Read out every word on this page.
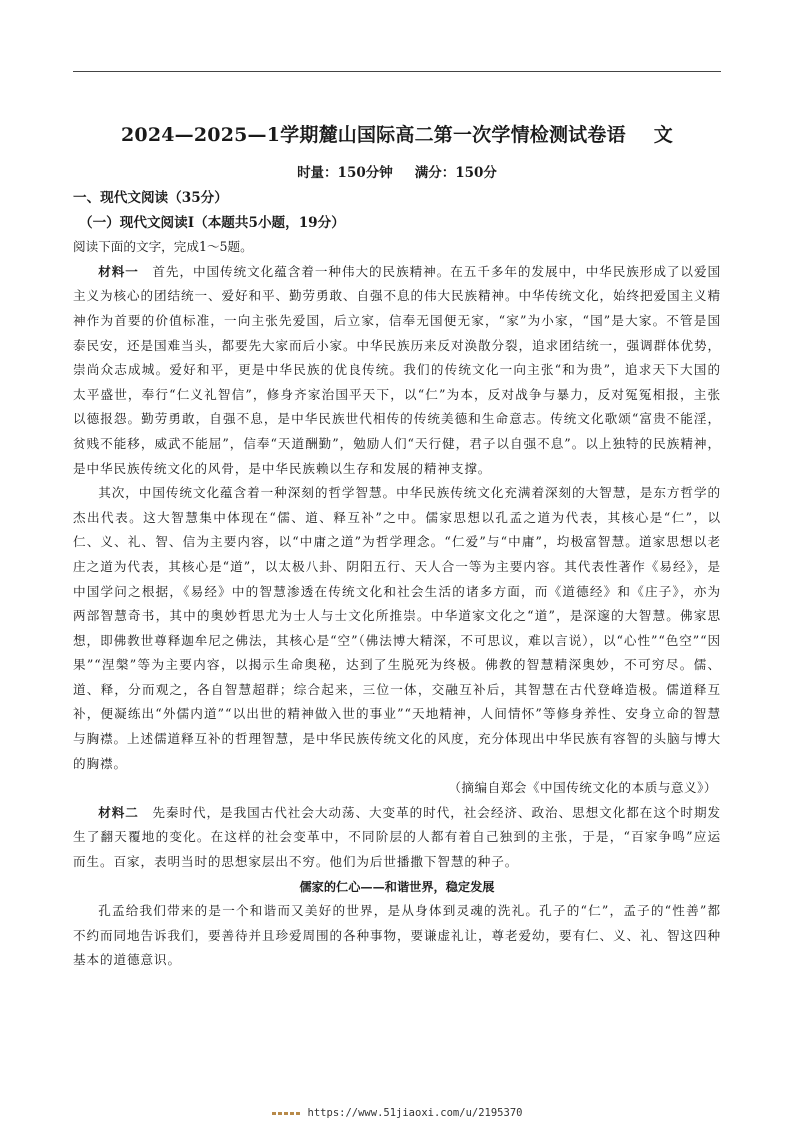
2024—2025—1学期麓山国际高二第一次学情检测试卷语 文
时量：150分钟 满分：150分
一、现代文阅读（35分）
（一）现代文阅读Ⅰ（本题共5小题，19分）
阅读下面的文字，完成1～5题。

材料一　 首先，中国传统文化蕴含着一种伟大的民族精神。在五千多年的发展中，中华民族形成了以爱国主义为核心的团结统一、爱好和平、勤劳勇敢、自强不息的伟大民族精神。中华传统文化，始终把爱国主义精神作为首要的价值标准，一向主张先爱国，后立家，信奉无国便无家，“家”为小家，“国”是大家。不管是国泰民安，还是国难当头，都要先大家而后小家。中华民族历来反对涣散分裂，追求团结统一，强调群体优势，崇尚众志成城。爱好和平，更是中华民族的优良传统。我们的传统文化一向主张“和为贵”，追求天下大国的太平盛世，奉行“仁义礼智信”，修身齐家治国平天下，以“仁”为本，反对战争与暴力，反对冤冤相报，主张以德报怨。勤劳勇敢，自强不息，是中华民族世代相传的传统美德和生命意志。传统文化歌颂“富贵不能淫，贫贱不能移，威武不能屈”，信奉“天道酬勤”，勉励人们“天行健，君子以自强不息”。以上独特的民族精神，是中华民族传统文化的风骨，是中华民族赖以生存和发展的精神支撑。

其次，中国传统文化蕴含着一种深刻的哲学智慧。中华民族传统文化充满着深刻的大智慧，是东方哲学的杰出代表。这大智慧集中体现在“儒、道、释互补”之中。儒家思想以孔孟之道为代表，其核心是“仁”，以仁、义、礼、智、信为主要内容，以“中庸之道”为哲学理念。“仁爱”与“中庸”，均极富智慧。道家思想以老庄之道为代表，其核心是“道”，以太极八卦、阴阳五行、天人合一等为主要内容。其代表性著作《易经》，是中国学问之根据，《易经》中的智慧渗透在传统文化和社会生活的诸多方面，而《道德经》和《庄子》，亦为两部智慧奇书，其中的奥妙哲思尤为士人与士文化所推崇。中华道家文化之“道”，是深邃的大智慧。佛家思想，即佛教世尊释迦牟尼之佛法，其核心是“空”（佛法博大精深，不可思议，难以言说），以“心性”“色空”“因果”“涅槃”等为主要内容，以揭示生命奥秘，达到了生脱死为终极。佛教的智慧精深奥妙，不可穷尽。儒、道、释，分而观之，各自智慧超群；综合起来，三位一体，交融互补后，其智慧在古代登峰造极。儒道释互补，便凝练出“外儒内道”“以出世的精神做入世的事业”“天地精神，人间情怀”等修身养性、安身立命的智慧与胸襟。上述儒道释互补的哲理智慧，是中华民族传统文化的风度，充分体现出中华民族有容智的头脑与博大的胸襟。

（摘编自郑会《中国传统文化的本质与意义》）

材料二　 先秦时代，是我国古代社会大动荡、大变革的时代，社会经济、政治、思想文化都在这个时期发生了翻天覆地的变化。在这样的社会变革中，不同阶层的人都有着自己独到的主张，于是，“百家争鸣”应运而生。百家，表明当时的思想家层出不穷。他们为后世播撒下智慧的种子。

儒家的仁心——和谐世界，稳定发展

孔孟给我们带来的是一个和谐而又美好的世界，是从身体到灵魂的洗礼。孔子的“仁”，孟子的“性善”都不约而同地告诉我们，要善待并且珍爱周围的各种事物，要谦虚礼让，尊老爱幼，要有仁、义、礼、智这四种基本的道德意识。

https://www.51jiaoxi.com/u/2195370
